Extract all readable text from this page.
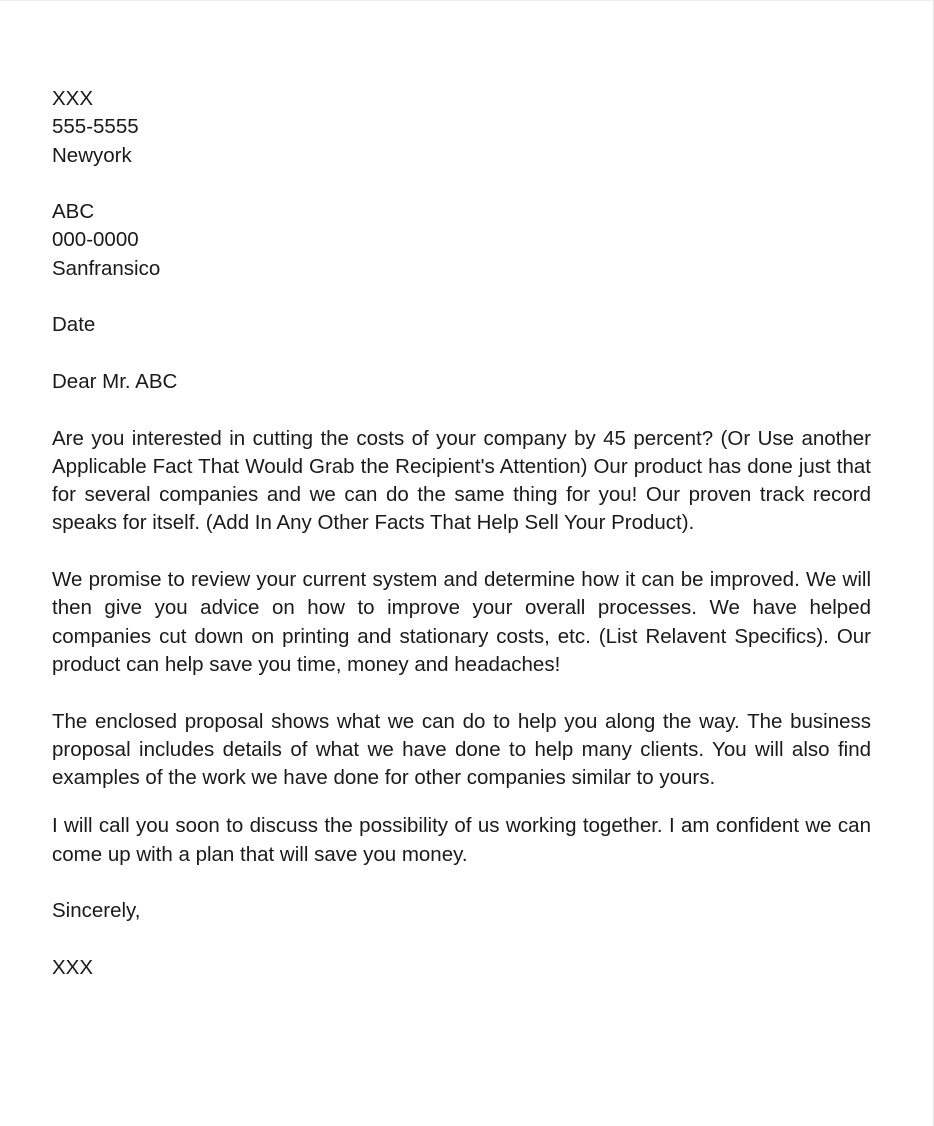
XXX
555-5555
Newyork
ABC
000-0000
Sanfransico
Date
Dear Mr. ABC

Are you interested in cutting the costs of your company by 45 percent? (Or Use another Applicable Fact That Would Grab the Recipient's Attention) Our product has done just that for several companies and we can do the same thing for you! Our proven track record speaks for itself. (Add In Any Other Facts That Help Sell Your Product).

We promise to review your current system and determine how it can be improved. We will then give you advice on how to improve your overall processes. We have helped companies cut down on printing and stationary costs, etc. (List Relavent Specifics). Our product can help save you time, money and headaches!

The enclosed proposal shows what we can do to help you along the way. The business proposal includes details of what we have done to help many clients. You will also find examples of the work we have done for other companies similar to yours.

I will call you soon to discuss the possibility of us working together. I am confident we can come up with a plan that will save you money.

Sincerely,
XXX
